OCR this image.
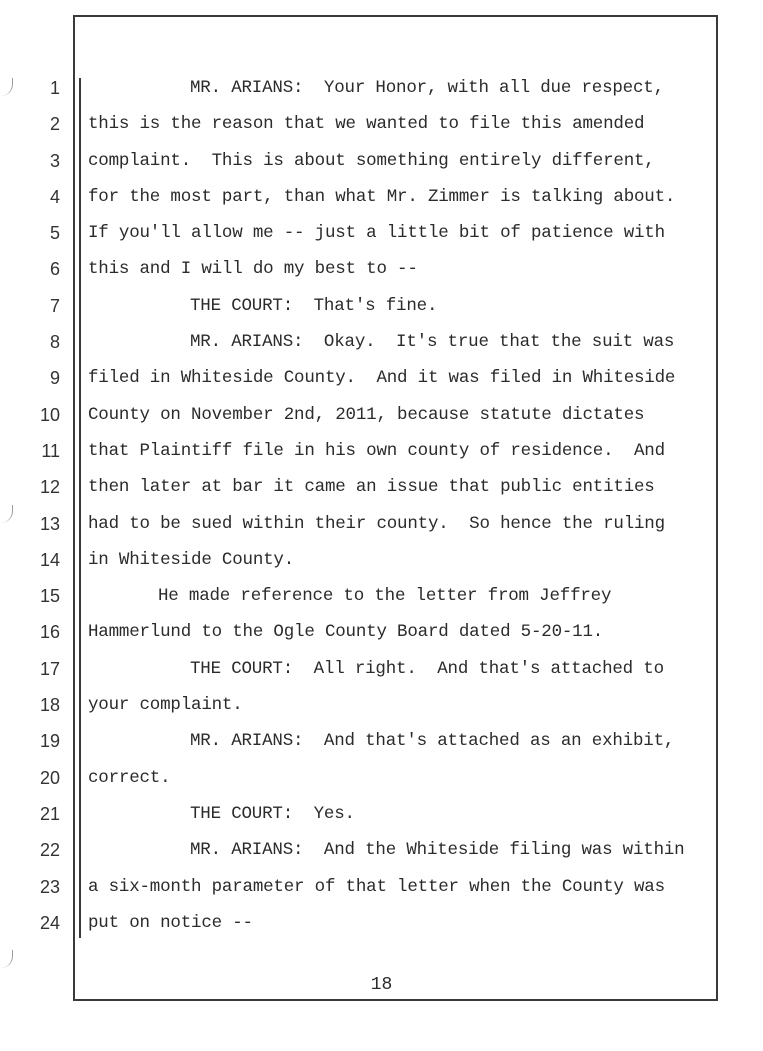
1
2
3
4
5
6
7
8
9
10
11
12
13
14
15
16
17
18
19
20
21
22
23
24
MR. ARIANS:  Your Honor, with all due respect,
this is the reason that we wanted to file this amended
complaint.  This is about something entirely different,
for the most part, than what Mr. Zimmer is talking about.
If you'll allow me -- just a little bit of patience with
this and I will do my best to --
THE COURT:  That's fine.
MR. ARIANS:  Okay.  It's true that the suit was
filed in Whiteside County.  And it was filed in Whiteside
County on November 2nd, 2011, because statute dictates
that Plaintiff file in his own county of residence.  And
then later at bar it came an issue that public entities
had to be sued within their county.  So hence the ruling
in Whiteside County.
He made reference to the letter from Jeffrey
Hammerlund to the Ogle County Board dated 5-20-11.
THE COURT:  All right.  And that's attached to
your complaint.
MR. ARIANS:  And that's attached as an exhibit,
correct.
THE COURT:  Yes.
MR. ARIANS:  And the Whiteside filing was within
a six-month parameter of that letter when the County was
put on notice --
18
